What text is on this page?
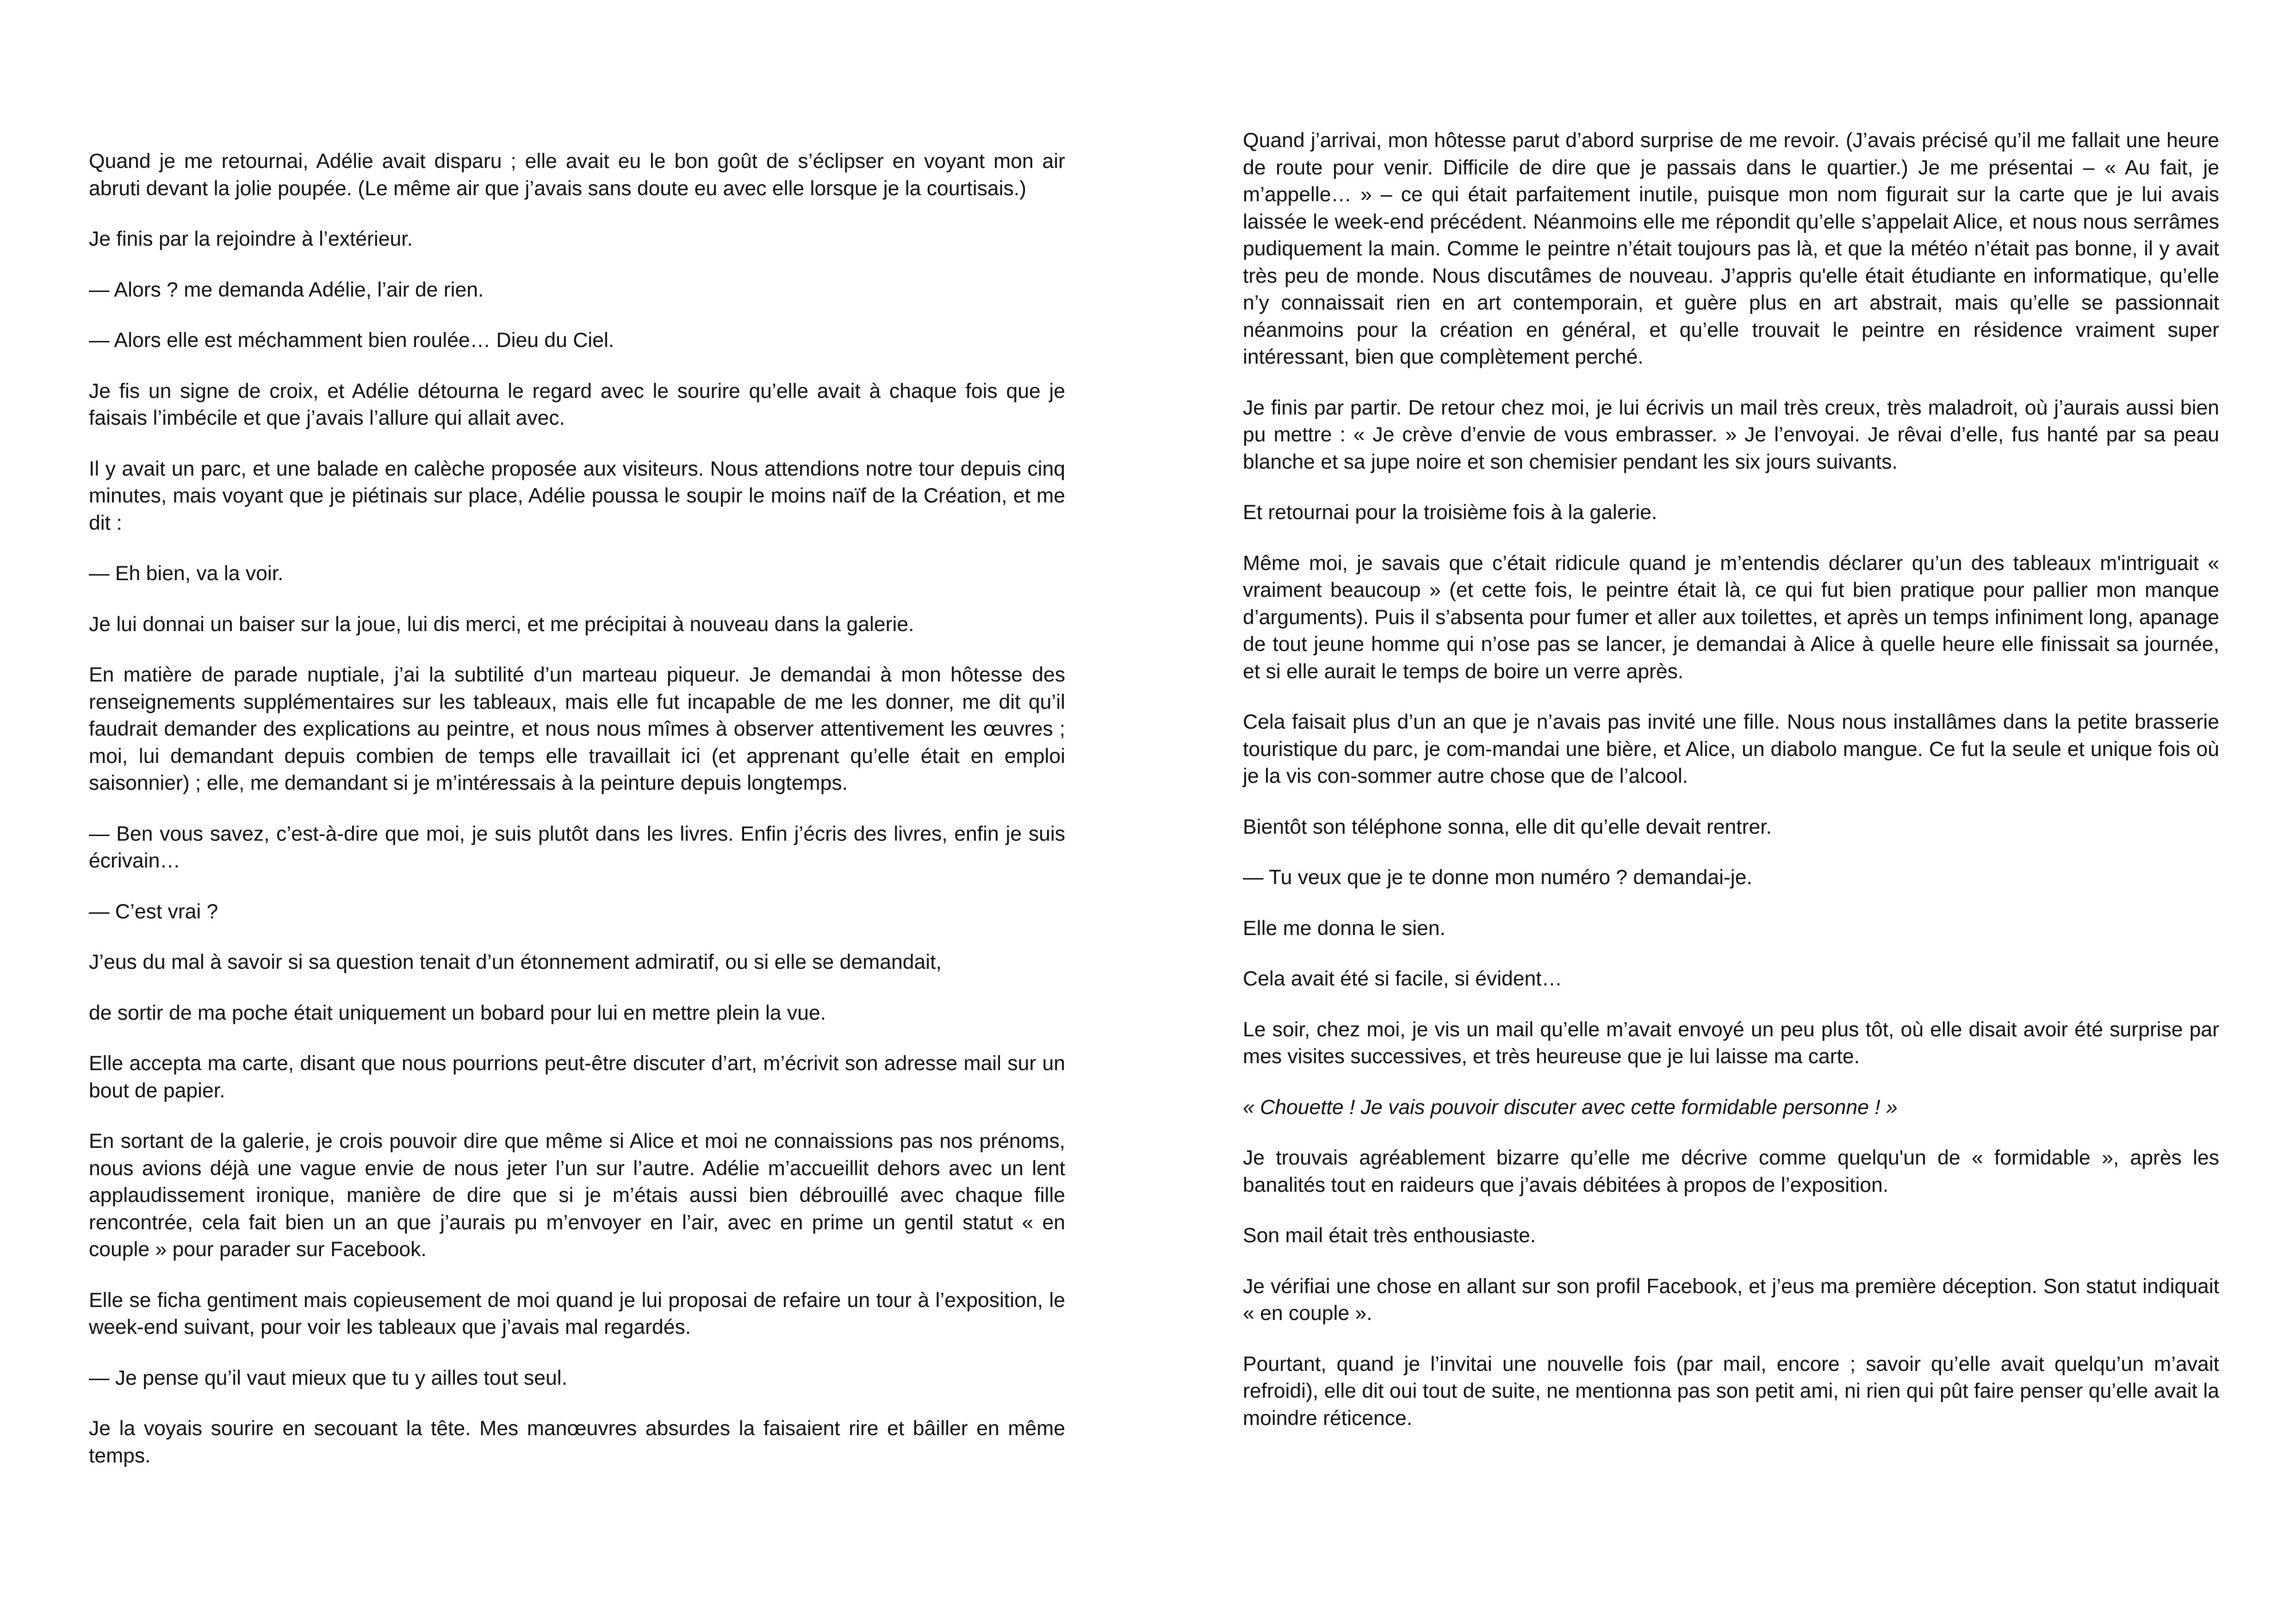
Quand je me retournai, Adélie avait disparu ; elle avait eu le bon goût de s’éclipser en voyant mon air abruti devant la jolie poupée. (Le même air que j’avais sans doute eu avec elle lorsque je la courtisais.)

Je finis par la rejoindre à l’extérieur.

— Alors ? me demanda Adélie, l’air de rien.

— Alors elle est méchamment bien roulée… Dieu du Ciel.

Je fis un signe de croix, et Adélie détourna le regard avec le sourire qu’elle avait à chaque fois que je faisais l’imbécile et que j’avais l’allure qui allait avec.

Il y avait un parc, et une balade en calèche proposée aux visiteurs. Nous attendions notre tour depuis cinq minutes, mais voyant que je piétinais sur place, Adélie poussa le soupir le moins naïf de la Création, et me dit :

— Eh bien, va la voir.

Je lui donnai un baiser sur la joue, lui dis merci, et me précipitai à nouveau dans la galerie.

En matière de parade nuptiale, j’ai la subtilité d’un marteau piqueur. Je demandai à mon hôtesse des renseignements supplémentaires sur les tableaux, mais elle fut incapable de me les donner, me dit qu’il faudrait demander des explications au peintre, et nous nous mîmes à observer attentivement les œuvres ; moi, lui demandant depuis combien de temps elle travaillait ici (et apprenant qu’elle était en emploi saisonnier) ; elle, me demandant si je m’intéressais à la peinture depuis longtemps.

— Ben vous savez, c’est-à-dire que moi, je suis plutôt dans les livres. Enfin j’écris des livres, enfin je suis écrivain…

— C’est vrai ?

J’eus du mal à savoir si sa question tenait d’un étonnement admiratif, ou si elle se demandait,

de sortir de ma poche était uniquement un bobard pour lui en mettre plein la vue.

Elle accepta ma carte, disant que nous pourrions peut-être discuter d’art, m’écrivit son adresse mail sur un bout de papier.

En sortant de la galerie, je crois pouvoir dire que même si Alice et moi ne connaissions pas nos prénoms, nous avions déjà une vague envie de nous jeter l’un sur l’autre. Adélie m’accueillit dehors avec un lent applaudissement ironique, manière de dire que si je m’étais aussi bien débrouillé avec chaque fille rencontrée, cela fait bien un an que j’aurais pu m’envoyer en l’air, avec en prime un gentil statut « en couple » pour parader sur Facebook.

Elle se ficha gentiment mais copieusement de moi quand je lui proposai de refaire un tour à l’exposition, le week-end suivant, pour voir les tableaux que j’avais mal regardés.

— Je pense qu’il vaut mieux que tu y ailles tout seul.

Je la voyais sourire en secouant la tête. Mes manœuvres absurdes la faisaient rire et bâiller en même temps.

Quand j’arrivai, mon hôtesse parut d’abord surprise de me revoir. (J’avais précisé qu’il me fallait une heure de route pour venir. Difficile de dire que je passais dans le quartier.) Je me présentai – « Au fait, je m’appelle… » – ce qui était parfaitement inutile, puisque mon nom figurait sur la carte que je lui avais laissée le week-end précédent. Néanmoins elle me répondit qu’elle s’appelait Alice, et nous nous serrâmes pudiquement la main. Comme le peintre n’était toujours pas là, et que la météo n’était pas bonne, il y avait très peu de monde. Nous discutâmes de nouveau. J’appris qu'elle était étudiante en informatique, qu’elle n’y connaissait rien en art contemporain, et guère plus en art abstrait, mais qu’elle se passionnait néanmoins pour la création en général, et qu’elle trouvait le peintre en résidence vraiment super intéressant, bien que complètement perché.

Je finis par partir. De retour chez moi, je lui écrivis un mail très creux, très maladroit, où j’aurais aussi bien pu mettre : « Je crève d’envie de vous embrasser. » Je l’envoyai. Je rêvai d’elle, fus hanté par sa peau blanche et sa jupe noire et son chemisier pendant les six jours suivants.

Et retournai pour la troisième fois à la galerie.

Même moi, je savais que c’était ridicule quand je m’entendis déclarer qu’un des tableaux m'intriguait « vraiment beaucoup » (et cette fois, le peintre était là, ce qui fut bien pratique pour pallier mon manque d’arguments). Puis il s’absenta pour fumer et aller aux toilettes, et après un temps infiniment long, apanage de tout jeune homme qui n’ose pas se lancer, je demandai à Alice à quelle heure elle finissait sa journée, et si elle aurait le temps de boire un verre après.

Cela faisait plus d’un an que je n’avais pas invité une fille. Nous nous installâmes dans la petite brasserie touristique du parc, je com-mandai une bière, et Alice, un diabolo mangue. Ce fut la seule et unique fois où je la vis con-sommer autre chose que de l’alcool.

Bientôt son téléphone sonna, elle dit qu’elle devait rentrer.

— Tu veux que je te donne mon numéro ? demandai-je.

Elle me donna le sien.

Cela avait été si facile, si évident…

Le soir, chez moi, je vis un mail qu’elle m’avait envoyé un peu plus tôt, où elle disait avoir été surprise par mes visites successives, et très heureuse que je lui laisse ma carte.

« Chouette ! Je vais pouvoir discuter avec cette formidable personne ! »

Je trouvais agréablement bizarre qu’elle me décrive comme quelqu'un de « formidable », après les banalités tout en raideurs que j’avais débitées à propos de l’exposition.

Son mail était très enthousiaste.

Je vérifiai une chose en allant sur son profil Facebook, et j’eus ma première déception. Son statut indiquait « en couple ».

Pourtant, quand je l’invitai une nouvelle fois (par mail, encore ; savoir qu’elle avait quelqu’un m’avait refroidi), elle dit oui tout de suite, ne mentionna pas son petit ami, ni rien qui pût faire penser qu’elle avait la moindre réticence.
